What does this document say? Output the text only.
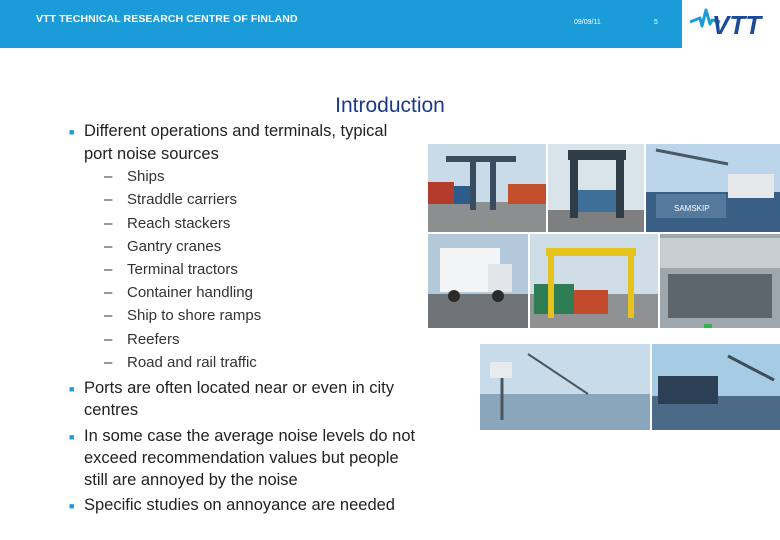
VTT TECHNICAL RESEARCH CENTRE OF FINLAND	09/09/11	5 VTT
Introduction
■ Different operations and terminals, typical
port noise sources
– Ships
– Straddle carriers
– Reach stackers
– Gantry cranes
– Terminal tractors
– Container handling
– Ship to shore ramps
– Reefers
– Road and rail traffic
■ Ports are often located near or even in city
centres
■ In some case the average noise levels do not
exceed recommendation values but people
still are annoyed by the noise
■ Specific studies on annoyance are needed
SAMSKIP
